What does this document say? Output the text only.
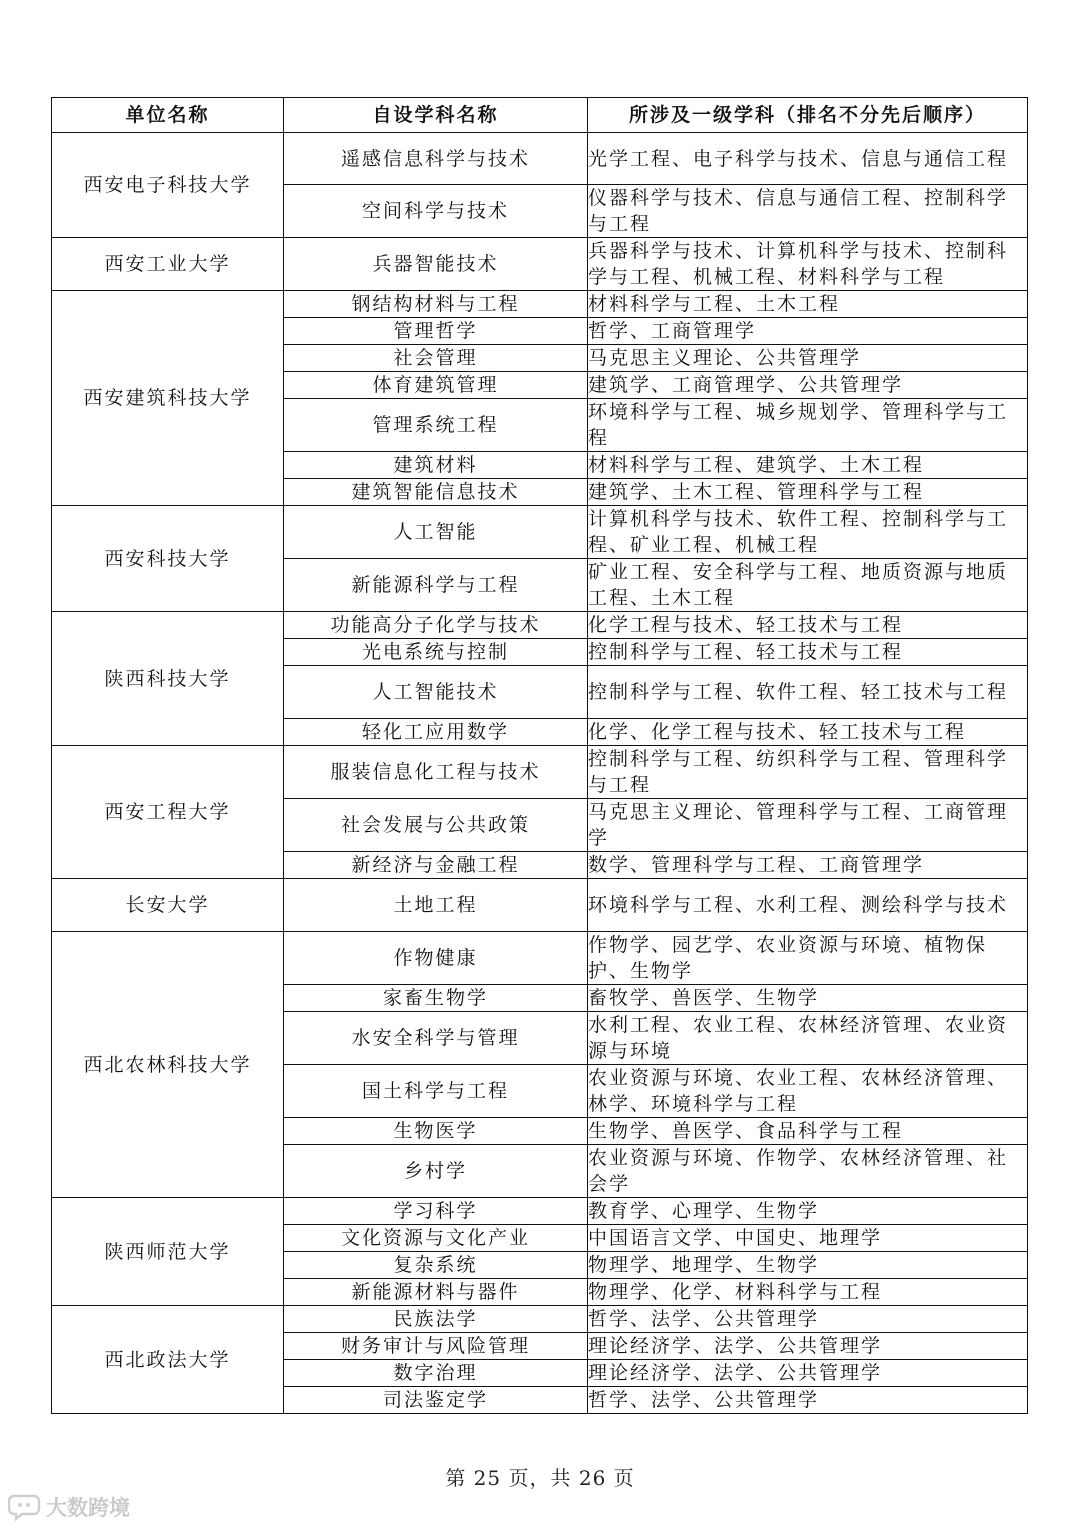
单位名称	自设学科名称	所涉及一级学科（排名不分先后顺序）
西安电子科技大学	遥感信息科学与技术	光学工程、电子科学与技术、信息与通信工程

	空间科学与技术	仪器科学与技术、信息与通信工程、控制科学与工程

西安工业大学	兵器智能技术	兵器科学与技术、计算机科学与技术、控制科学与工程、机械工程、材料科学与工程

西安建筑科技大学	钢结构材料与工程	材料科学与工程、土木工程

	管理哲学	哲学、工商管理学

	社会管理	马克思主义理论、公共管理学

	体育建筑管理	建筑学、工商管理学、公共管理学

	管理系统工程	环境科学与工程、城乡规划学、管理科学与工程

	建筑材料	材料科学与工程、建筑学、土木工程

	建筑智能信息技术	建筑学、土木工程、管理科学与工程

西安科技大学	人工智能	计算机科学与技术、软件工程、控制科学与工程、矿业工程、机械工程

	新能源科学与工程	矿业工程、安全科学与工程、地质资源与地质工程、土木工程

陕西科技大学	功能高分子化学与技术	化学工程与技术、轻工技术与工程

	光电系统与控制	控制科学与工程、轻工技术与工程

	人工智能技术	控制科学与工程、软件工程、轻工技术与工程

	轻化工应用数学	化学、化学工程与技术、轻工技术与工程

西安工程大学	服装信息化工程与技术	控制科学与工程、纺织科学与工程、管理科学与工程

	社会发展与公共政策	马克思主义理论、管理科学与工程、工商管理学

	新经济与金融工程	数学、管理科学与工程、工商管理学

长安大学	土地工程	环境科学与工程、水利工程、测绘科学与技术

西北农林科技大学	作物健康	作物学、园艺学、农业资源与环境、植物保护、生物学

	家畜生物学	畜牧学、兽医学、生物学

	水安全科学与管理	水利工程、农业工程、农林经济管理、农业资源与环境

	国土科学与工程	农业资源与环境、农业工程、农林经济管理、林学、环境科学与工程

	生物医学	生物学、兽医学、食品科学与工程

	乡村学	农业资源与环境、作物学、农林经济管理、社会学

陕西师范大学	学习科学	教育学、心理学、生物学

	文化资源与文化产业	中国语言文学、中国史、地理学

	复杂系统	物理学、地理学、生物学

	新能源材料与器件	物理学、化学、材料科学与工程

西北政法大学	民族法学	哲学、法学、公共管理学

	财务审计与风险管理	理论经济学、法学、公共管理学

	数字治理	理论经济学、法学、公共管理学

	司法鉴定学	哲学、法学、公共管理学
第 25 页，共 26 页
大数跨境
